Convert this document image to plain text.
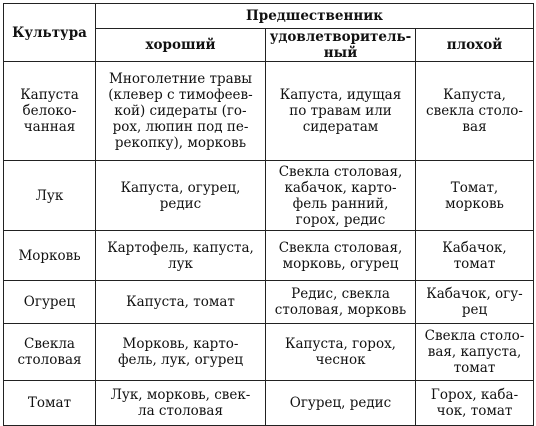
Культура	Предшественник		

	хороший	удовлетворитель-
ный	плохой

Капуста
белоко-
чанная	Многолетние травы
(клевер с тимофеев-
кой) сидераты (го-
рох, люпин под пе-
рекопку), морковь	Капуста, идущая
по травам или
сидератам	Капуста,
свекла столо-
вая

Лук	Капуста, огурец,
редис	Свекла столовая,
кабачок, карто-
фель ранний,
горох, редис	Томат,
морковь

Морковь	Картофель, капуста,
лук	Свекла столовая,
морковь, огурец	Кабачок,
томат

Огурец	Капуста, томат	Редис, свекла
столовая, морковь	Кабачок, огу-
рец

Свекла
столовая	Морковь, карто-
фель, лук, огурец	Капуста, горох,
чеснок	Свекла столо-
вая, капуста,
томат

Томат	Лук, морковь, свек-
ла столовая	Огурец, редис	Горох, кабa-
чок, томат
